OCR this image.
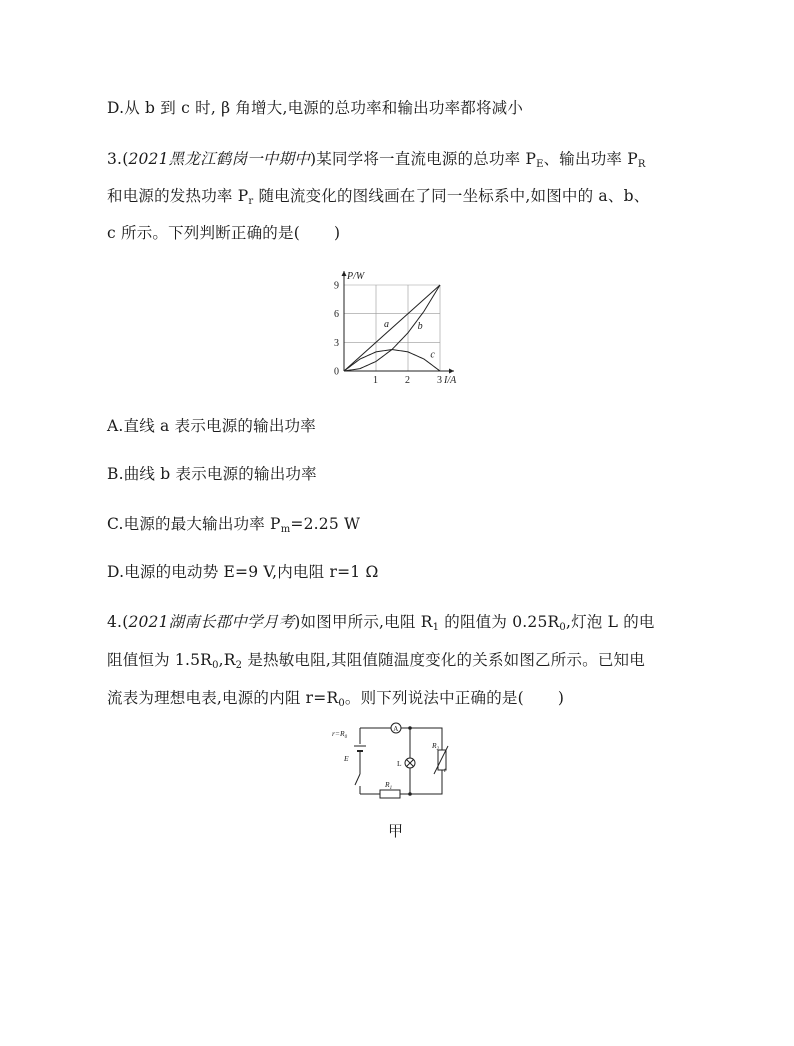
D.从 b 到 c 时, β 角增大,电源的总功率和输出功率都将减小
3.(2021黑龙江鹤岗一中期中)某同学将一直流电源的总功率 $P_E$、输出功率 $P_R$
和电源的发热功率 $P_r$ 随电流变化的图线画在了同一坐标系中,如图中的 a、b、
c 所示。下列判断正确的是( )
1	2	3
3
6
9
0
P/W
I/A
a	b
c
A.直线 a 表示电源的输出功率
B.曲线 b 表示电源的输出功率
C.电源的最大输出功率 $P_m=2.25$ W
D.电源的电动势 E=9 V,内电阻 r=1 Ω
4.(2021湖南长郡中学月考)如图甲所示,电阻 $R_1$ 的阻值为 $0.25R_0$,灯泡 L 的电
阻值恒为 $1.5R_0,R_2$ 是热敏电阻,其阻值随温度变化的关系如图乙所示。已知电
流表为理想电表,电源的内阻 $r=R_0$。则下列说法中正确的是( )
$r=R_0$
E
A
L
$R_1$
$R_2$
t
甲
